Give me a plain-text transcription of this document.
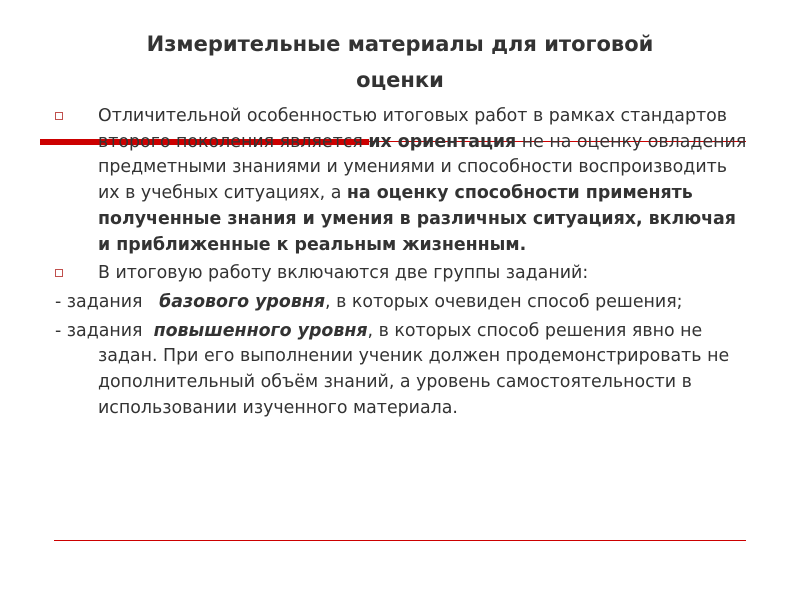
Измерительные материалы для итоговой
оценки
Отличительной особенностью итоговых работ в рамках стандартов второго поколения является их ориентация не на оценку овладения предметными знаниями и умениями и способности воспроизводить их в учебных ситуациях, а на оценку способности применять полученные знания и умения в различных ситуациях, включая и приближенные к реальным жизненным.
В итоговую работу включаются две группы заданий:
- задания   базового уровня, в которых очевиден способ решения;
- задания  повышенного уровня, в которых способ решения явно не задан. При его выполнении ученик должен продемонстрировать не дополнительный объём знаний, а уровень самостоятельности в использовании изученного материала.
